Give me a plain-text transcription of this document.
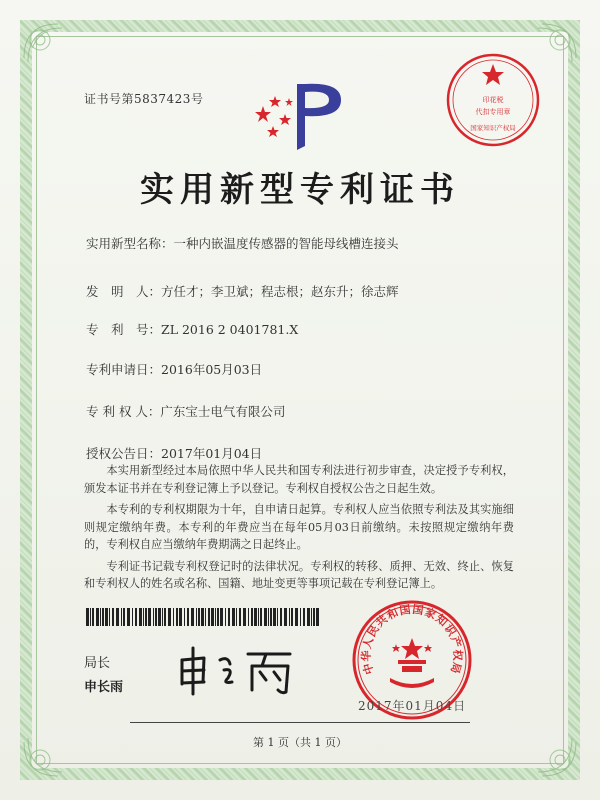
证书号第5837423号	印花税
代扣专用章
国家知识产权局
实用新型专利证书
实用新型名称：一种内嵌温度传感器的智能母线槽连接头
发　明　人：方任才；李卫斌；程志根；赵东升；徐志辉
专　利　号：ZL 2016 2 0401781.X
专利申请日：2016年05月03日
专 利 权 人：广东宝士电气有限公司
授权公告日：2017年01月04日

本实用新型经过本局依照中华人民共和国专利法进行初步审查，决定授予专利权，颁发本证书并在专利登记簿上予以登记。专利权自授权公告之日起生效。

本专利的专利权期限为十年，自申请日起算。专利权人应当依照专利法及其实施细则规定缴纳年费。本专利的年费应当在每年05月03日前缴纳。未按照规定缴纳年费的，专利权自应当缴纳年费期满之日起终止。

专利证书记载专利权登记时的法律状况。专利权的转移、质押、无效、终止、恢复和专利权人的姓名或名称、国籍、地址变更等事项记载在专利登记簿上。

局长
申长雨
中华人民共和国国家知识产权局
2017年01月04日
第 1 页（共 1 页）
